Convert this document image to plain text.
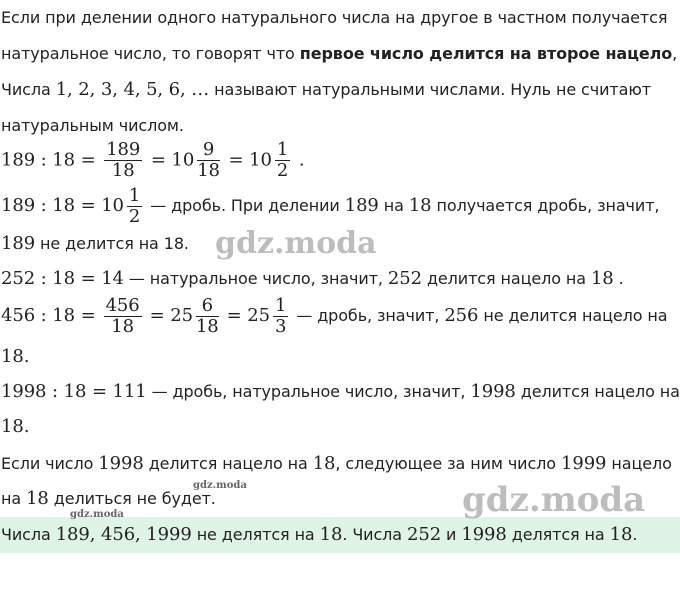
Если при делении одного натурального числа на другое в частном получается
натуральное число, то говорят что первое число делится на второе нацело,
Числа 1, 2, 3, 4, 5, 6, … называют натуральными числами. Нуль не считают
натуральным числом.
189 : $18 = \frac{189}{18} = 10 \frac{9}{18} = 10 \frac{1}{2}$ .
189 : $18 = 10 \frac{1}{2}$ — дробь. При делении 189 на 18 получается дробь, значит,
189 не делится на 18.
252 : 18 = 14 — натуральное число, значит, 252 делится нацело на 18 .
456 : $18 = \frac{456}{18} = 25 \frac{6}{18} = 25 \frac{1}{3}$ — дробь, значит, 256 не делится нацело на
18.
1998 : 18 = 111 — дробь, натуральное число, значит, 1998 делится нацело на
18.
Если число 1998 делится нацело на 18, следующее за ним число 1999 нацело
на 18 делиться не будет.
Числа 189, 456, 1999 не делятся на 18. Числа 252 и 1998 делятся на 18.
gdz.moda
gdz.moda
gdz.moda
gdz.moda
